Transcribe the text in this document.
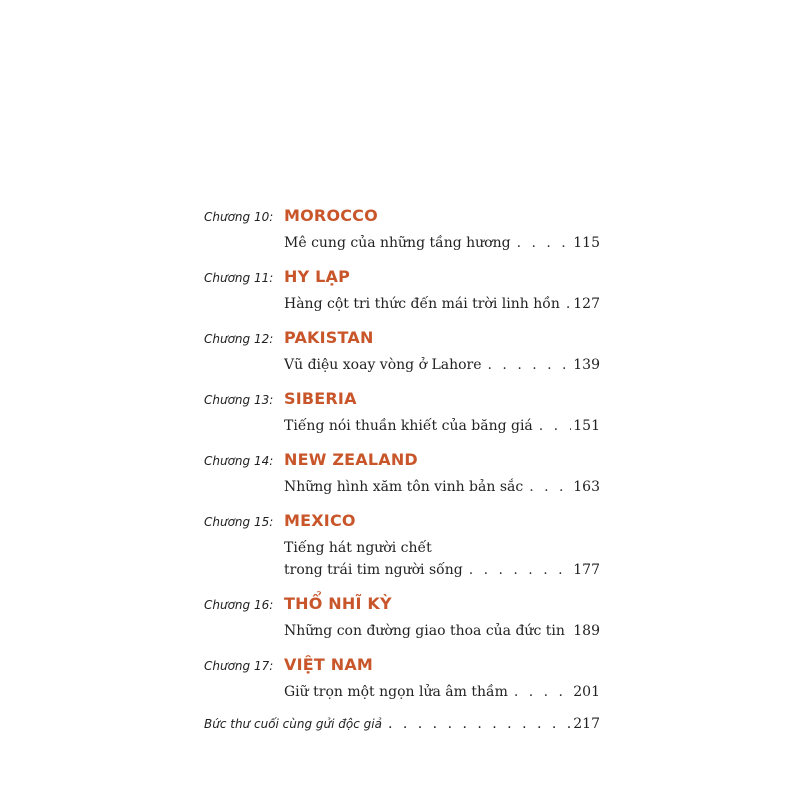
Chương 10: MOROCCO
Mê cung của những tầng hương . . .	115
Chương 11: HY LẠP
Hàng cột tri thức đến mái trời linh hồn . . . 127
Chương 12: PAKISTAN
Vũ điệu xoay vòng ở Lahore . . .	139
Chương 13: SIBERIA
Tiếng nói thuần khiết của băng giá . . .	151
Chương 14: NEW ZEALAND
Những hình xăm tôn vinh bản sắc . . .	163
Chương 15: MEXICO
Tiếng hát người chết
trong trái tim người sống . . .	177
Chương 16: THỔ NHĨ KỲ
Những con đường giao thoa của đức tin . . . 189
Chương 17: VIỆT NAM
Giữ trọn một ngọn lửa âm thầm . . .	201
Bức thư cuối cùng gửi độc giả . . .	217
